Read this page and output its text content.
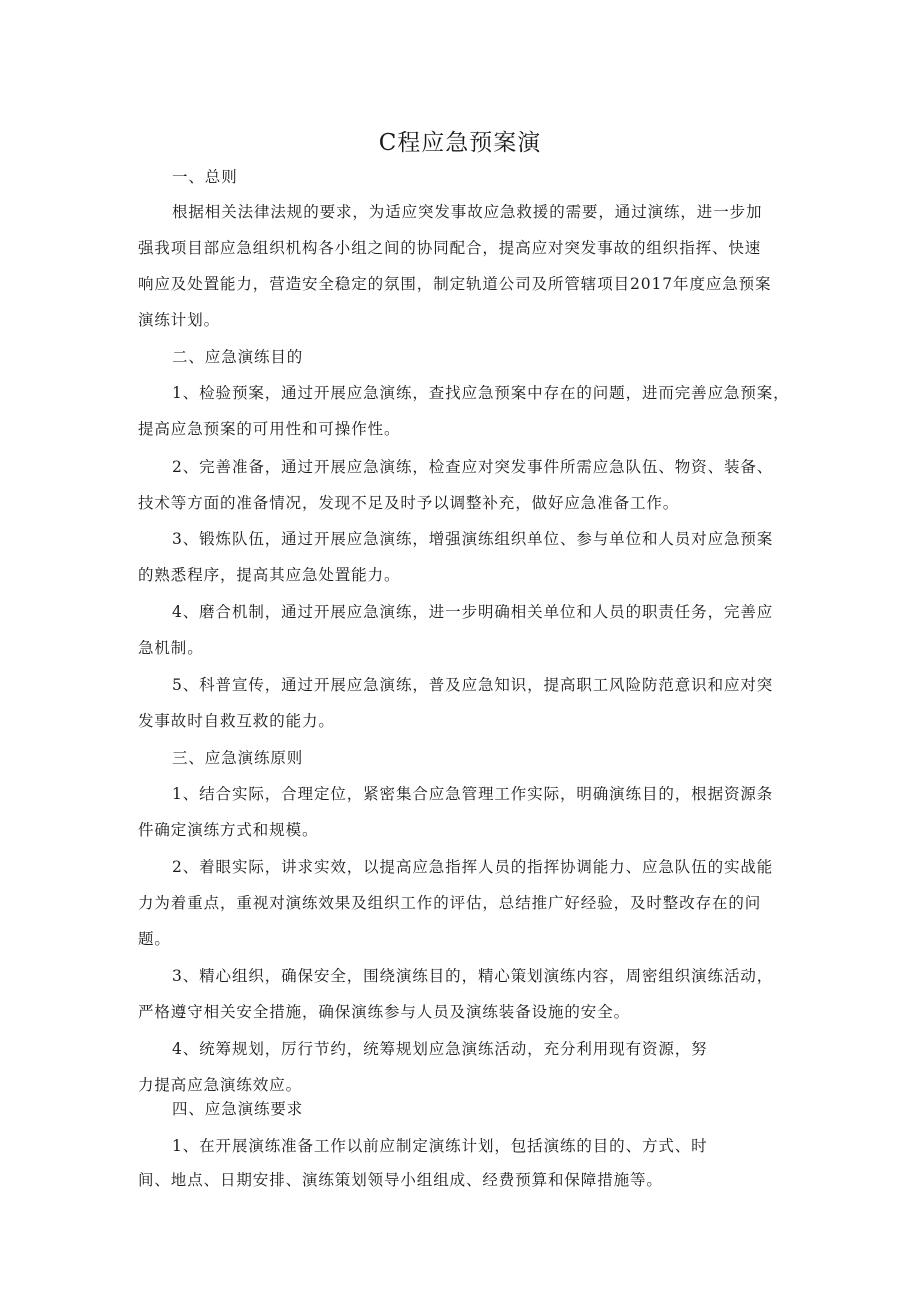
C程应急预案演
一、总则
根据相关法律法规的要求，为适应突发事故应急救援的需要，通过演练，进一步加
强我项目部应急组织机构各小组之间的协同配合，提高应对突发事故的组织指挥、快速
响应及处置能力，营造安全稳定的氛围，制定轨道公司及所管辖项目2017年度应急预案
演练计划。
二、应急演练目的
1、检验预案，通过开展应急演练，查找应急预案中存在的问题，进而完善应急预案，
提高应急预案的可用性和可操作性。
2、完善准备，通过开展应急演练，检查应对突发事件所需应急队伍、物资、装备、
技术等方面的准备情况，发现不足及时予以调整补充，做好应急准备工作。
3、锻炼队伍，通过开展应急演练，增强演练组织单位、参与单位和人员对应急预案
的熟悉程序，提高其应急处置能力。
4、磨合机制，通过开展应急演练，进一步明确相关单位和人员的职责任务，完善应
急机制。
5、科普宣传，通过开展应急演练，普及应急知识，提高职工风险防范意识和应对突
发事故时自救互救的能力。
三、应急演练原则
1、结合实际，合理定位，紧密集合应急管理工作实际，明确演练目的，根据资源条
件确定演练方式和规模。
2、着眼实际，讲求实效，以提高应急指挥人员的指挥协调能力、应急队伍的实战能
力为着重点，重视对演练效果及组织工作的评估，总结推广好经验，及时整改存在的问
题。
3、精心组织，确保安全，围绕演练目的，精心策划演练内容，周密组织演练活动，
严格遵守相关安全措施，确保演练参与人员及演练装备设施的安全。
4、统筹规划，厉行节约，统筹规划应急演练活动，充分利用现有资源，努
力提高应急演练效应。
四、应急演练要求
1、在开展演练准备工作以前应制定演练计划，包括演练的目的、方式、时
间、地点、日期安排、演练策划领导小组组成、经费预算和保障措施等。
